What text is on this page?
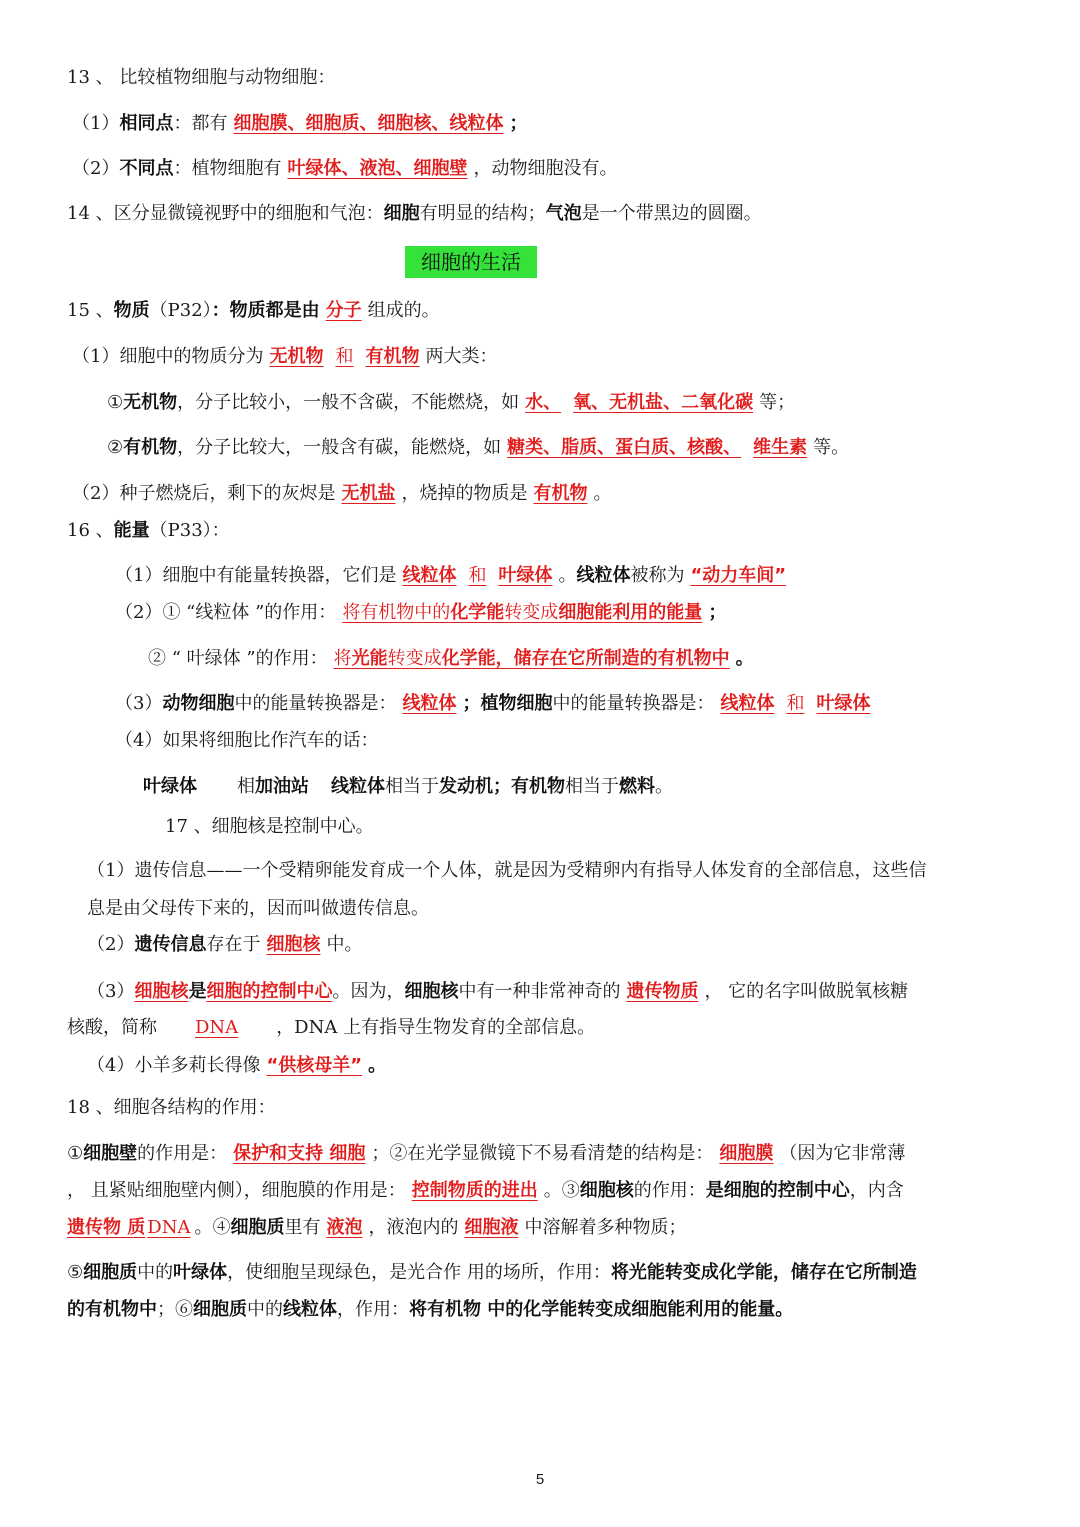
13 、 比较植物细胞与动物细胞：
（1）相同点：都有 细胞膜、细胞质、细胞核、线粒体 ；
（2）不同点：植物细胞有 叶绿体、液泡、细胞壁 ，动物细胞没有。
14 、区分显微镜视野中的细胞和气泡：细胞有明显的结构；气泡是一个带黑边的圆圈。
细胞的生活
15 、物质（P32）：物质都是由 分子 组成的。
（1）细胞中的物质分为 无机物 和 有机物 两大类：
①无机物，分子比较小，一般不含碳，不能燃烧，如 水、 氧、无机盐、二氧化碳 等；
②有机物，分子比较大，一般含有碳，能燃烧，如 糖类、脂质、蛋白质、核酸、 维生素 等。
（2）种子燃烧后，剩下的灰烬是 无机盐 ，烧掉的物质是 有机物 。
16 、能量（P33）：
（1）细胞中有能量转换器，它们是 线粒体 和 叶绿体 。线粒体被称为 “动力车间”
（2）① “线粒体 ”的作用： 将有机物中的化学能转变成细胞能利用的能量 ；
② “ 叶绿体 ”的作用： 将光能转变成化学能，储存在它所制造的有机物中 。
（3）动物细胞中的能量转换器是： 线粒体 ；植物细胞中的能量转换器是： 线粒体 和 叶绿体
（4）如果将细胞比作汽车的话：
叶绿体 相加油站 线粒体相当于发动机；有机物相当于燃料。
17 、细胞核是控制中心。
（1）遗传信息——一个受精卵能发育成一个人体，就是因为受精卵内有指导人体发育的全部信息，这些信
息是由父母传下来的，因而叫做遗传信息。
（2）遗传信息存在于 细胞核 中。
（3）细胞核是细胞的控制中心。因为，细胞核中有一种非常神奇的 遗传物质 ， 它的名字叫做脱氧核糖
核酸，简称 DNA ，DNA 上有指导生物发育的全部信息。
（4）小羊多莉长得像 “供核母羊” 。
18 、细胞各结构的作用：
①细胞壁的作用是： 保护和支持 细胞 ；②在光学显微镜下不易看清楚的结构是： 细胞膜 （因为它非常薄
， 且紧贴细胞壁内侧），细胞膜的作用是： 控制物质的进出 。③细胞核的作用：是细胞的控制中心，内含
遗传物 质 DNA 。④细胞质里有 液泡 ，液泡内的 细胞液 中溶解着多种物质；
⑤细胞质中的叶绿体，使细胞呈现绿色，是光合作 用的场所，作用：将光能转变成化学能，储存在它所制造
的有机物中；⑥细胞质中的线粒体，作用：将有机物 中的化学能转变成细胞能利用的能量。
5
